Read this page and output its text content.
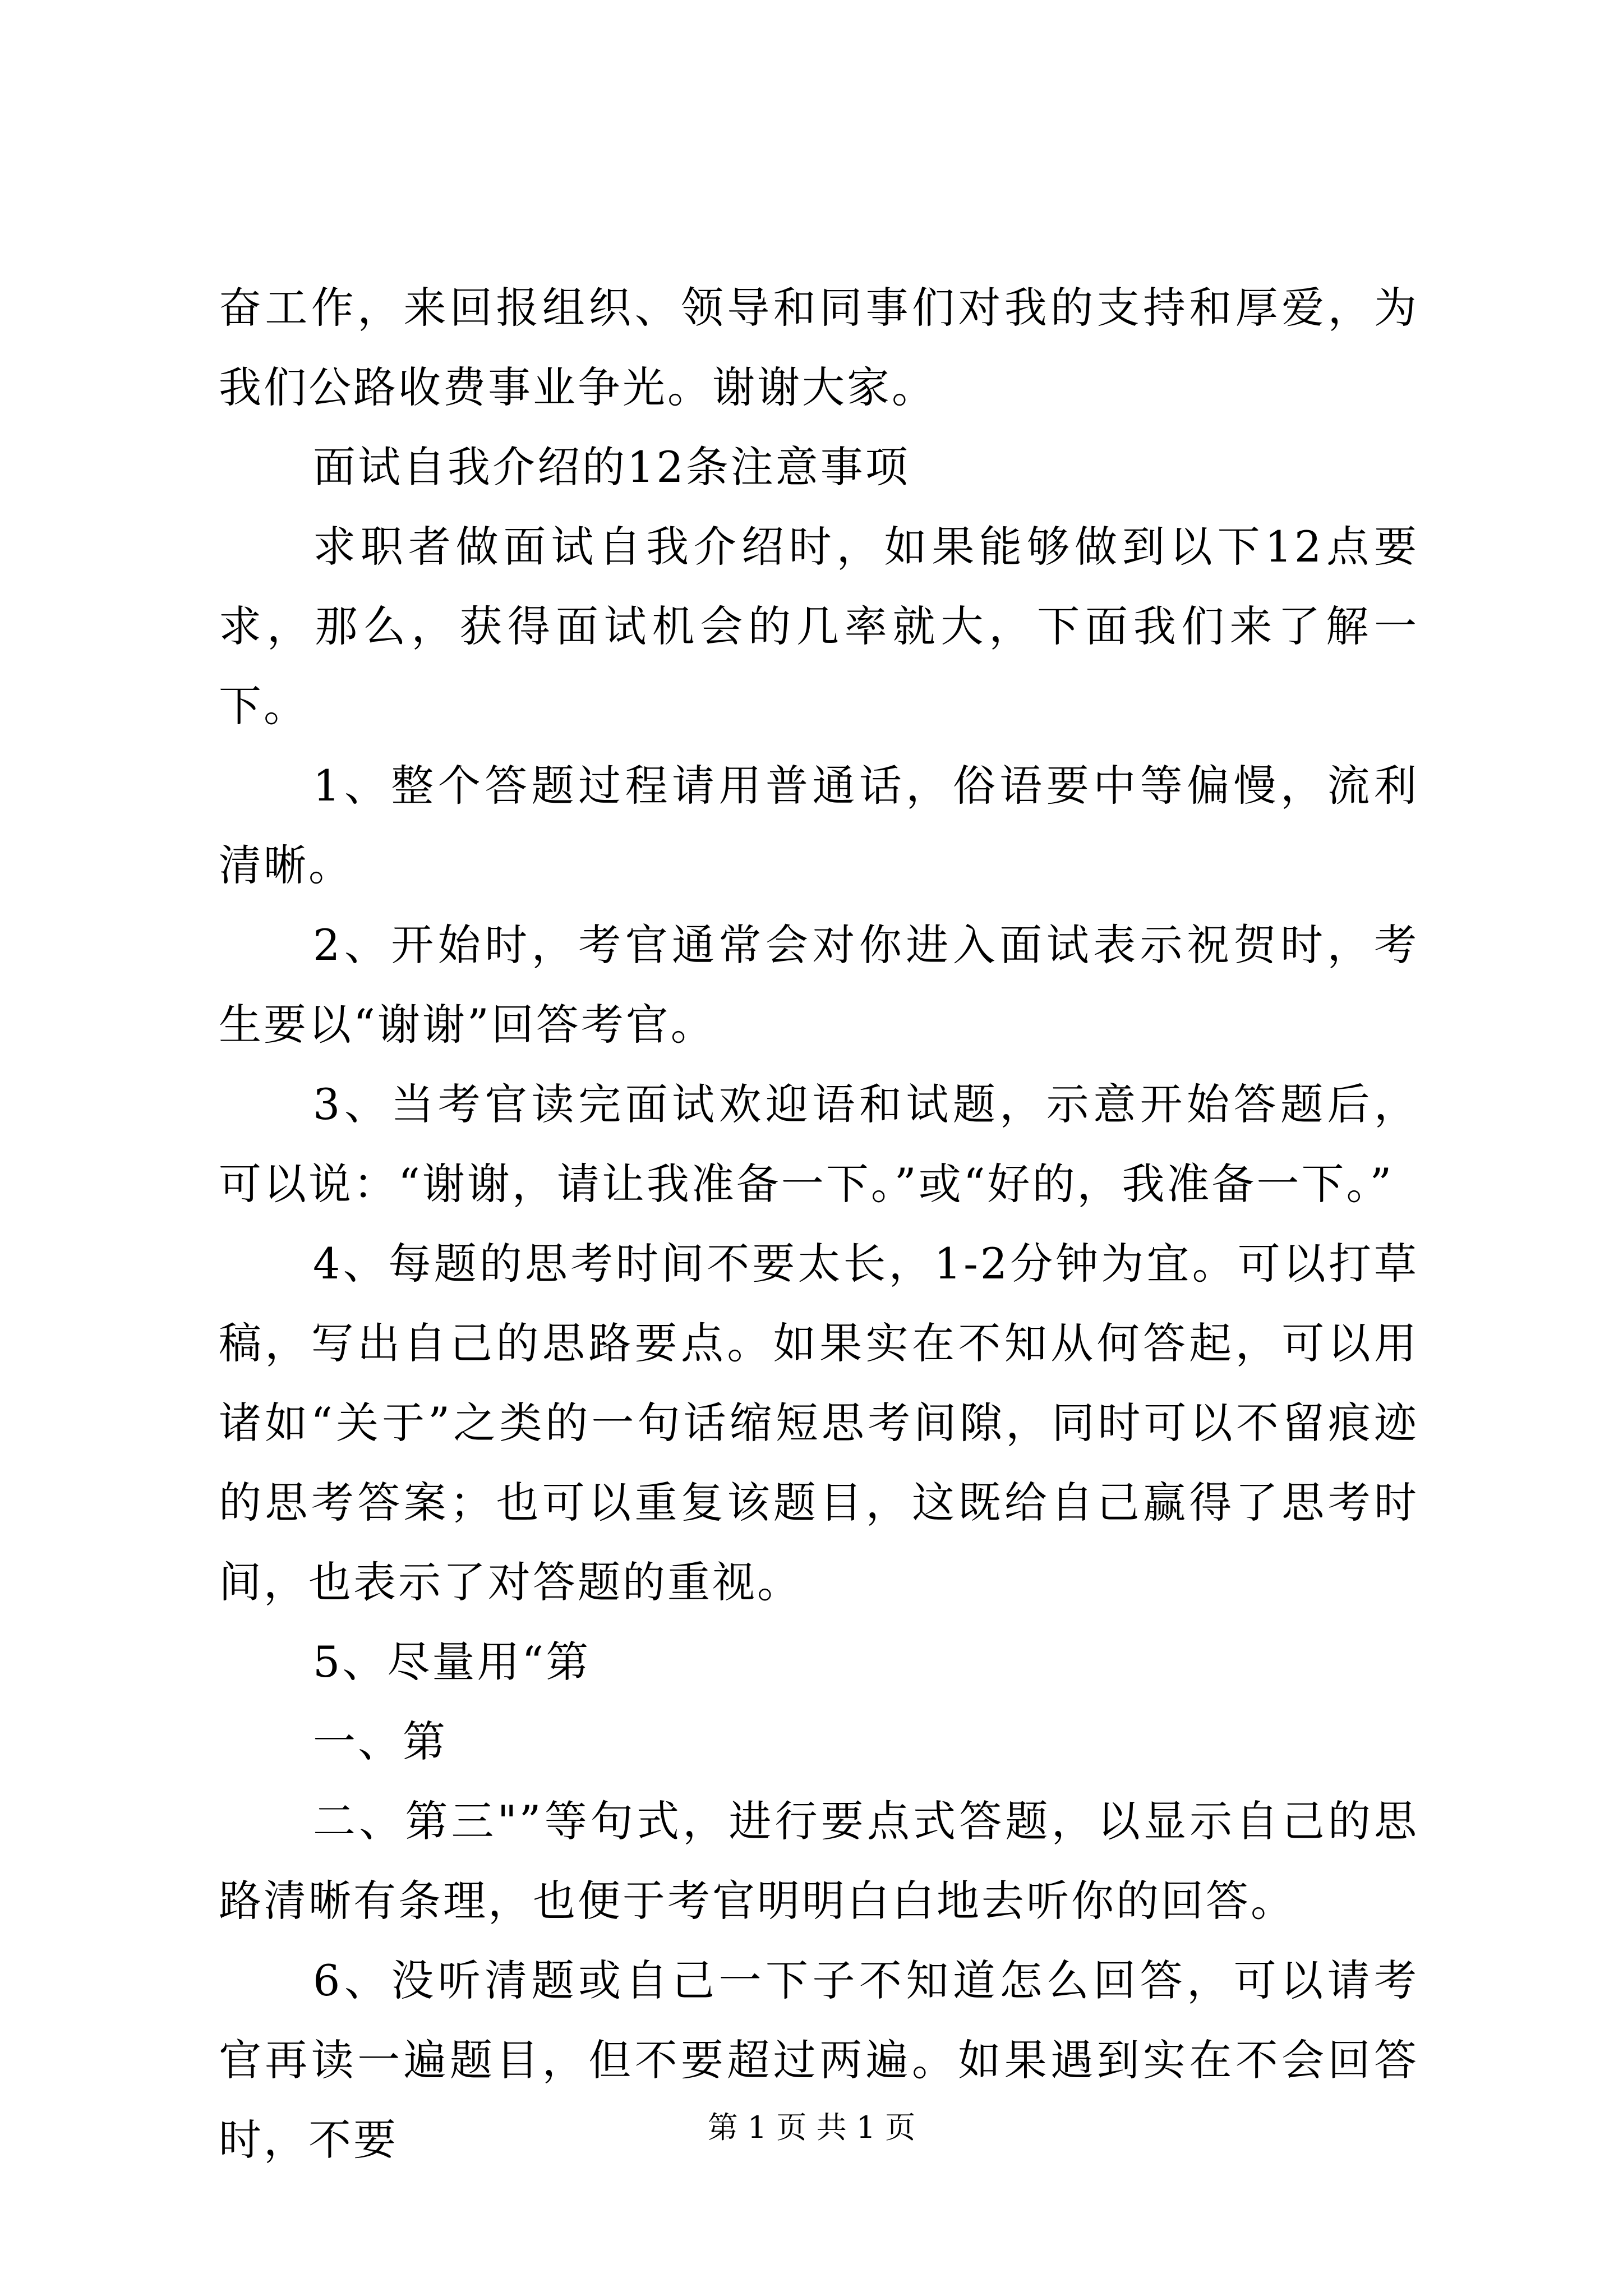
奋工作，来回报组织、领导和同事们对我的支持和厚爱，为我们公路收费事业争光。谢谢大家。

面试自我介绍的12条注意事项

求职者做面试自我介绍时，如果能够做到以下12点要求，那么，获得面试机会的几率就大，下面我们来了解一下。

1、整个答题过程请用普通话，俗语要中等偏慢，流利清晰。

2、开始时，考官通常会对你进入面试表示祝贺时，考生要以“谢谢”回答考官。

3、当考官读完面试欢迎语和试题，示意开始答题后，可以说：“谢谢，请让我准备一下。”或“好的，我准备一下。”

4、每题的思考时间不要太长，1-2分钟为宜。可以打草稿，写出自己的思路要点。如果实在不知从何答起，可以用诸如“关于”之类的一句话缩短思考间隙，同时可以不留痕迹的思考答案；也可以重复该题目，这既给自己赢得了思考时间，也表示了对答题的重视。

5、尽量用“第

一、第

二、第三"”等句式，进行要点式答题，以显示自己的思路清晰有条理，也便于考官明明白白地去听你的回答。

6、没听清题或自己一下子不知道怎么回答，可以请考官再读一遍题目，但不要超过两遍。如果遇到实在不会回答时，不要	第 1 页 共 1 页
